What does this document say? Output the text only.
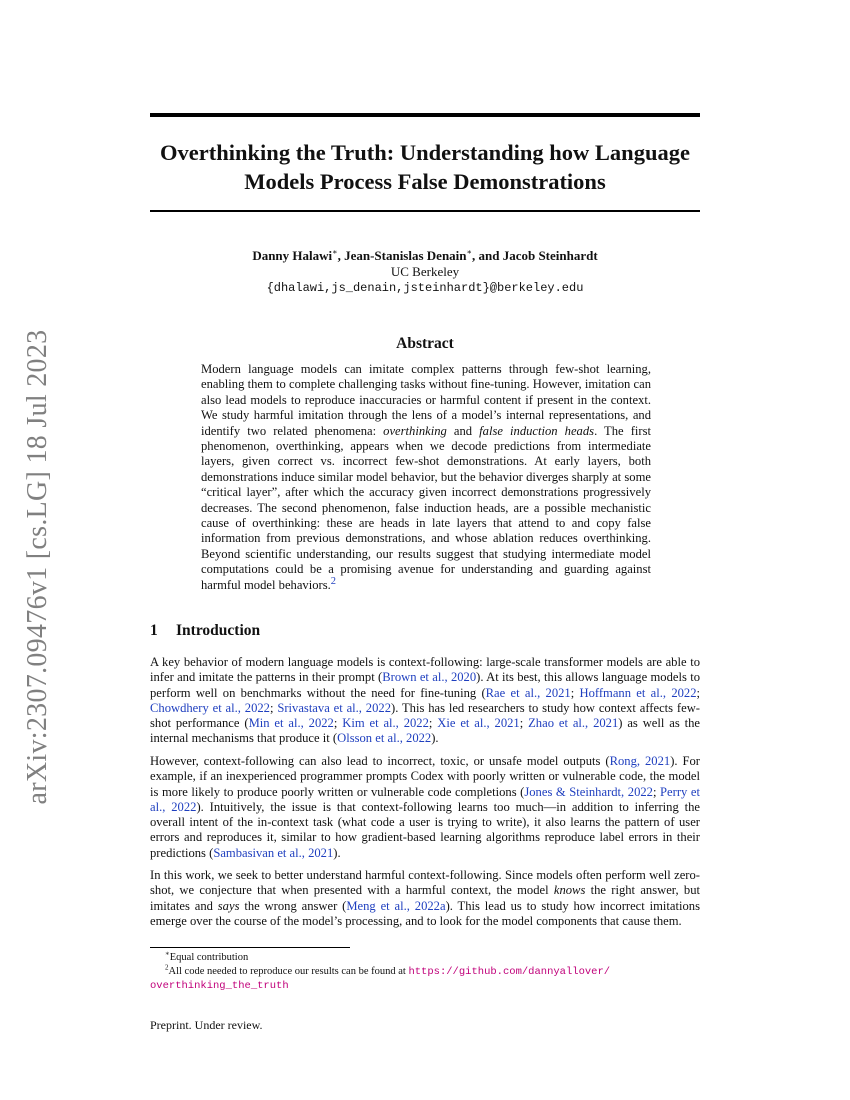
arXiv:2307.09476v1 [cs.LG] 18 Jul 2023
Overthinking the Truth: Understanding how Language Models Process False Demonstrations
Danny Halawi∗, Jean-Stanislas Denain∗, and Jacob Steinhardt
UC Berkeley
{dhalawi,js_denain,jsteinhardt}@berkeley.edu
Abstract
Modern language models can imitate complex patterns through few-shot learning, enabling them to complete challenging tasks without fine-tuning. However, imitation can also lead models to reproduce inaccuracies or harmful content if present in the context. We study harmful imitation through the lens of a model’s internal representations, and identify two related phenomena: overthinking and false induction heads. The first phenomenon, overthinking, appears when we decode predictions from intermediate layers, given correct vs. incorrect few-shot demonstrations. At early layers, both demonstrations induce similar model behavior, but the behavior diverges sharply at some “critical layer”, after which the accuracy given incorrect demonstrations progressively decreases. The second phenomenon, false induction heads, are a possible mechanistic cause of overthinking: these are heads in late layers that attend to and copy false information from previous demonstrations, and whose ablation reduces overthinking. Beyond scientific understanding, our results suggest that studying intermediate model computations could be a promising avenue for understanding and guarding against harmful model behaviors.$^2$
1 Introduction

A key behavior of modern language models is context-following: large-scale transformer models are able to infer and imitate the patterns in their prompt (Brown et al., 2020). At its best, this allows language models to perform well on benchmarks without the need for fine-tuning (Rae et al., 2021; Hoffmann et al., 2022; Chowdhery et al., 2022; Srivastava et al., 2022). This has led researchers to study how context affects few-shot performance (Min et al., 2022; Kim et al., 2022; Xie et al., 2021; Zhao et al., 2021) as well as the internal mechanisms that produce it (Olsson et al., 2022).

However, context-following can also lead to incorrect, toxic, or unsafe model outputs (Rong, 2021). For example, if an inexperienced programmer prompts Codex with poorly written or vulnerable code, the model is more likely to produce poorly written or vulnerable code completions (Jones & Steinhardt, 2022; Perry et al., 2022). Intuitively, the issue is that context-following learns too much—in addition to inferring the overall intent of the in-context task (what code a user is trying to write), it also learns the pattern of user errors and reproduces it, similar to how gradient-based learning algorithms reproduce label errors in their predictions (Sambasivan et al., 2021).

In this work, we seek to better understand harmful context-following. Since models often perform well zero-shot, we conjecture that when presented with a harmful context, the model knows the right answer, but imitates and says the wrong answer (Meng et al., 2022a). This lead us to study how incorrect imitations emerge over the course of the model’s processing, and to look for the model components that cause them.

∗Equal contribution

$^2$All code needed to reproduce our results can be found at https://github.com/dannyallover/
overthinking_the_truth

Preprint. Under review.
